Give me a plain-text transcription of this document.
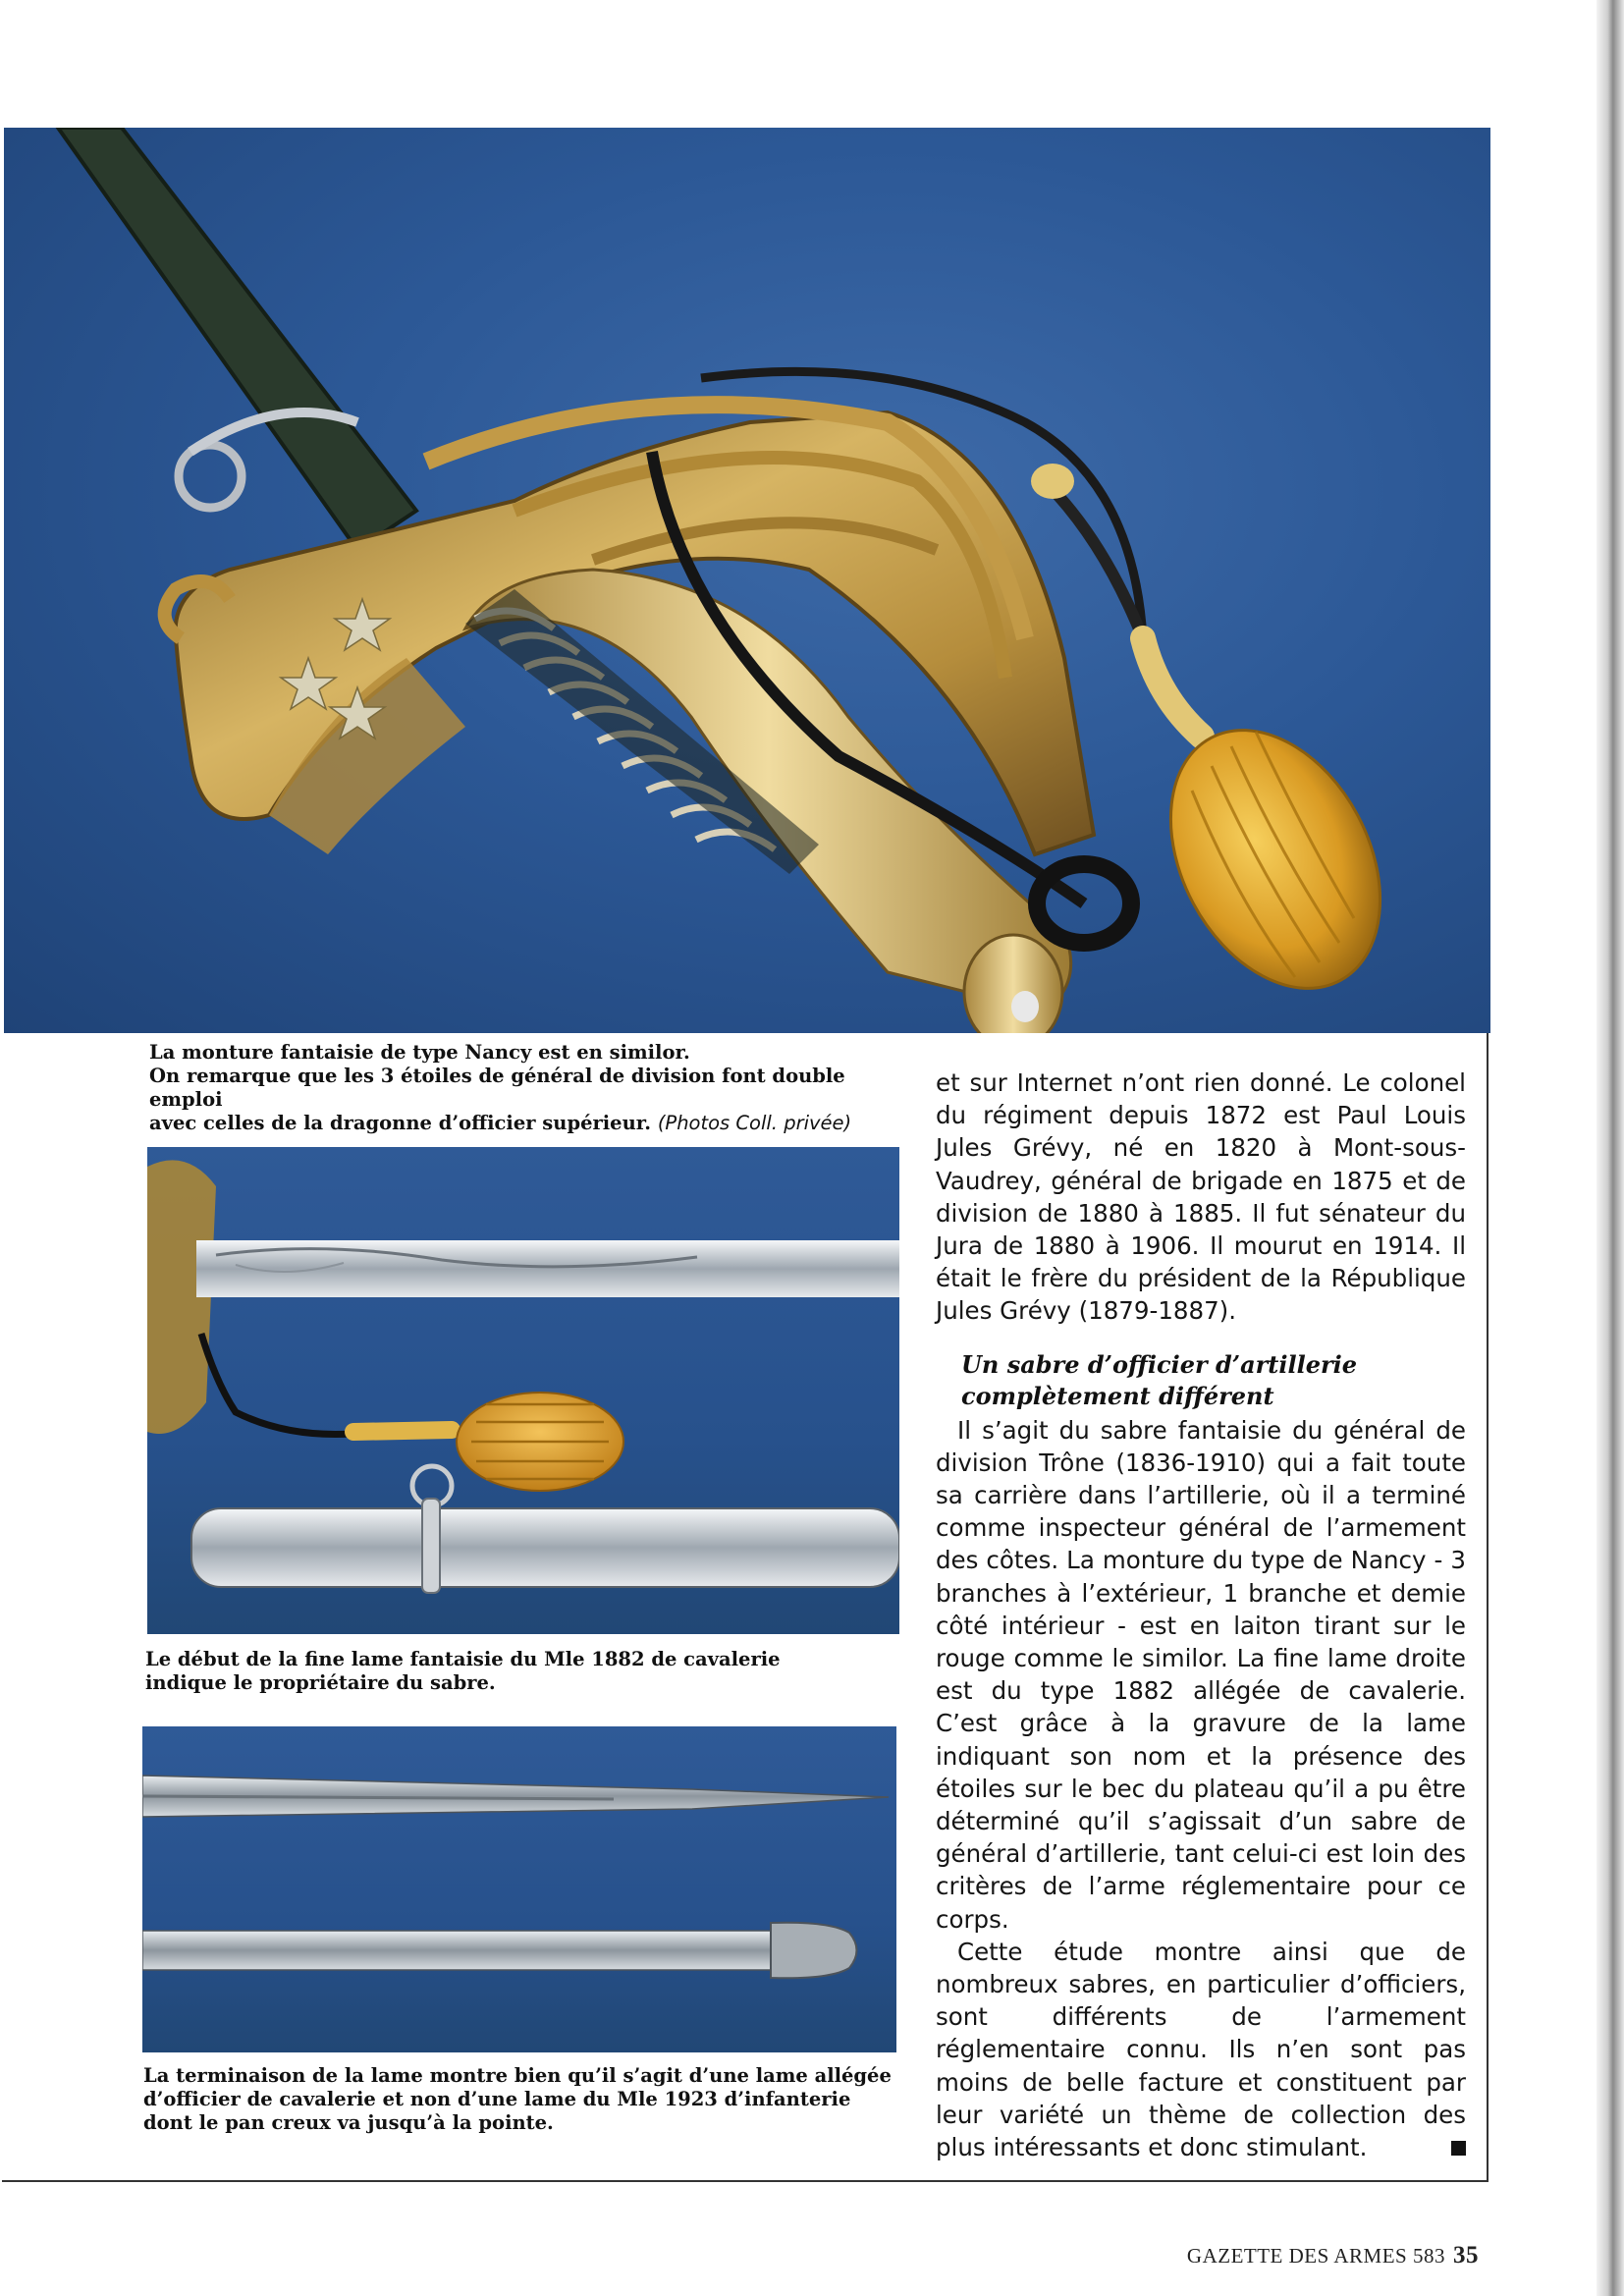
La monture fantaisie de type Nancy est en similor.
On remarque que les 3 étoiles de général de division font double emploi
avec celles de la dragonne d’officier supérieur. (Photos Coll. privée)
Le début de la fine lame fantaisie du Mle 1882 de cavalerie
indique le propriétaire du sabre.
La terminaison de la lame montre bien qu’il s’agit d’une lame allégée
d’officier de cavalerie et non d’une lame du Mle 1923 d’infanterie
dont le pan creux va jusqu’à la pointe.

et sur Internet n’ont rien donné. Le colonel du régiment depuis 1872 est Paul Louis Jules Grévy, né en 1820 à Mont-sous-Vaudrey, général de brigade en 1875 et de division de 1880 à 1885. Il fut sénateur du Jura de 1880 à 1906. Il mourut en 1914. Il était le frère du président de la République Jules Grévy (1879-1887).

Un sabre d’officier d’artillerie
complètement différent

Il s’agit du sabre fantaisie du général de division Trône (1836-1910) qui a fait toute sa carrière dans l’artillerie, où il a terminé comme inspecteur général de l’armement des côtes. La monture du type de Nancy - 3 branches à l’extérieur, 1 branche et demie côté intérieur - est en laiton tirant sur le rouge comme le similor. La fine lame droite est du type 1882 allégée de cavalerie. C’est grâce à la gravure de la lame indiquant son nom et la présence des étoiles sur le bec du plateau qu’il a pu être déterminé qu’il s’agissait d’un sabre de général d’artillerie, tant celui-ci est loin des critères de l’arme réglementaire pour ce corps.

Cette étude montre ainsi que de nombreux sabres, en particulier d’officiers, sont différents de l’armement réglementaire connu. Ils n’en sont pas moins de belle facture et constituent par leur variété un thème de collection des plus intéressants et donc stimulant.

GAZETTE DES ARMES 583 35
